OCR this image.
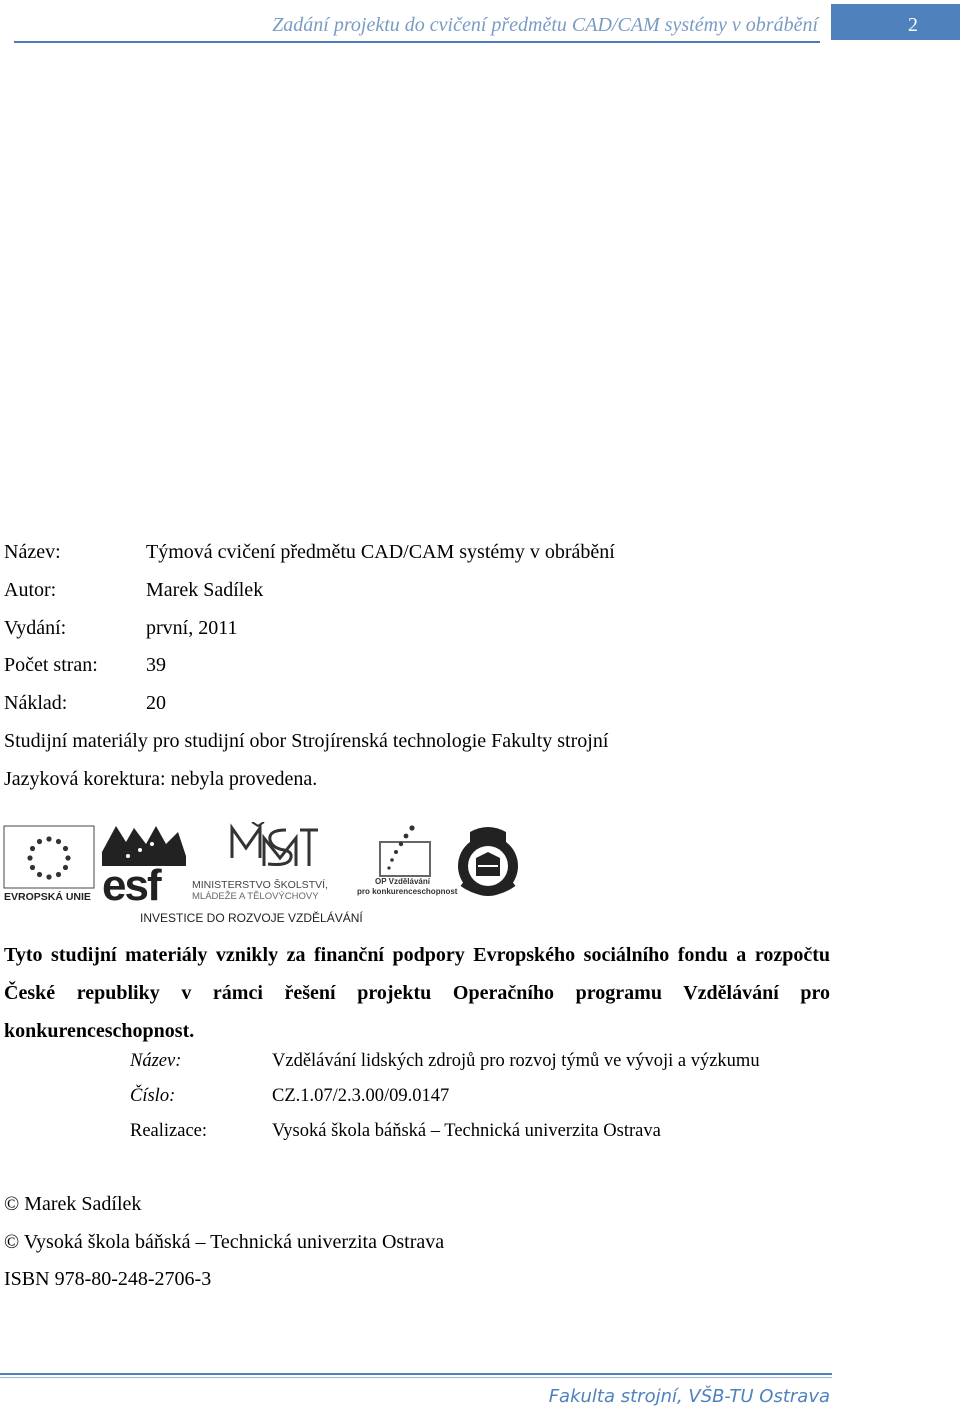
Zadání projektu do cvičení předmětu CAD/CAM systémy v obrábění	2
Název:	Týmová cvičení předmětu CAD/CAM systémy v obrábění
Autor:	Marek Sadílek
Vydání:	první, 2011
Počet stran: 39
Náklad:	20
Studijní materiály pro studijní obor Strojírenská technologie Fakulty strojní
Jazyková korektura: nebyla provedena.
EVROPSKÁ UNIE esf	MINISTERSTVO ŠKOLSTVÍ,
MLÁDEŽE A TĚLOVÝCHOVY
OP Vzdělávání
pro konkurenceschopnost
INVESTICE DO ROZVOJE VZDĚLÁVÁNÍ
Tyto studijní materiály vznikly za finanční podpory Evropského sociálního fondu a rozpočtu České republiky v rámci řešení projektu Operačního programu Vzdělávání pro konkurenceschopnost.
Název:	Vzdělávání lidských zdrojů pro rozvoj týmů ve vývoji a výzkumu
Číslo:	CZ.1.07/2.3.00/09.0147
Realizace:	Vysoká škola báňská – Technická univerzita Ostrava
© Marek Sadílek
© Vysoká škola báňská – Technická univerzita Ostrava
ISBN 978-80-248-2706-3
Fakulta strojní, VŠB-TU Ostrava
